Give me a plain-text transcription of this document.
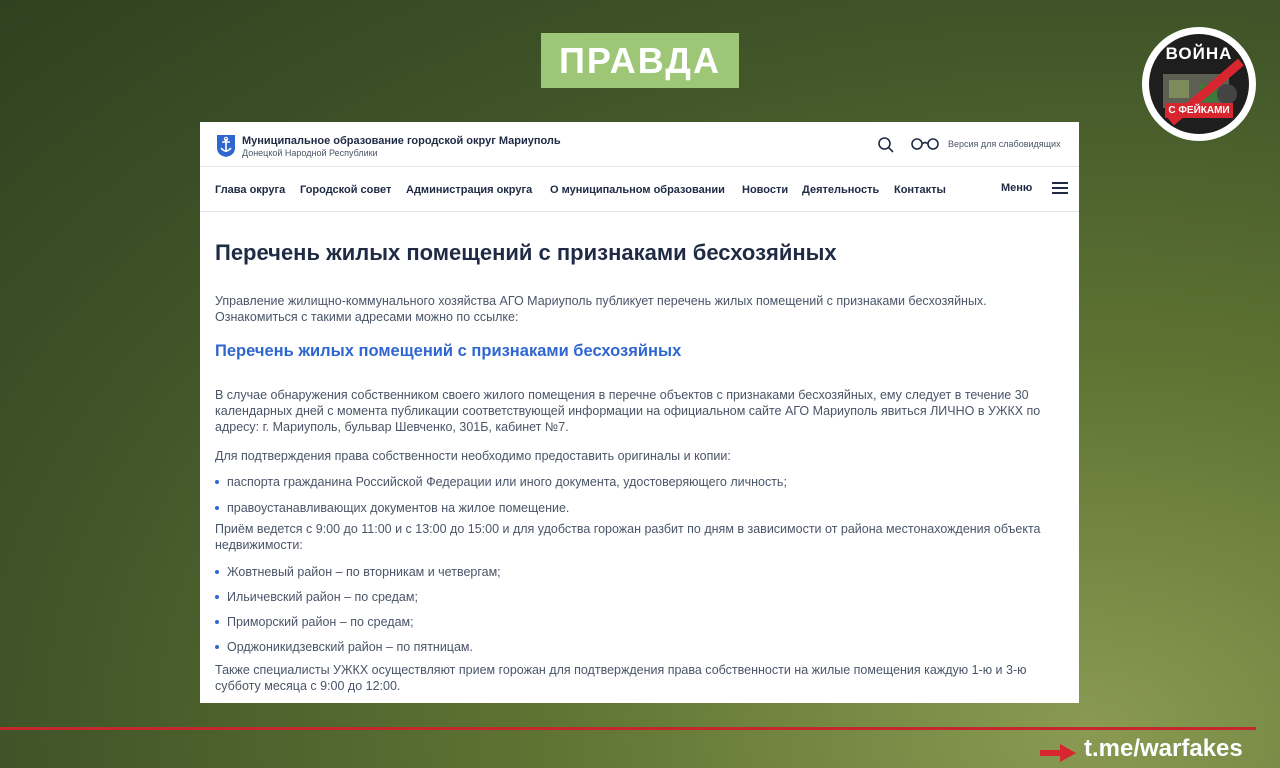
ПРАВДА	ВОЙНА
С ФЕЙКАМИ
Муниципальное образование городской округ Мариуполь
Донецкой Народной Республики
Версия для слабовидящих
Глава округа Городской совет Администрация округа О муниципальном образовании Новости Деятельность Контакты	Меню
Перечень жилых помещений с признаками бесхозяйных
Управление жилищно-коммунального хозяйства АГО Мариуполь публикует перечень жилых помещений с признаками бесхозяйных.
Ознакомиться с такими адресами можно по ссылке:
Перечень жилых помещений с признаками бесхозяйных
В случае обнаружения собственником своего жилого помещения в перечне объектов с признаками бесхозяйных, ему следует в течение 30 календарных дней с момента публикации соответствующей информации на официальном сайте АГО Мариуполь явиться ЛИЧНО в УЖКХ по адресу: г. Мариуполь, бульвар Шевченко, 301Б, кабинет №7.
Для подтверждения права собственности необходимо предоставить оригиналы и копии:
паспорта гражданина Российской Федерации или иного документа, удостоверяющего личность;
правоустанавливающих документов на жилое помещение.
Приём ведется с 9:00 до 11:00 и с 13:00 до 15:00 и для удобства горожан разбит по дням в зависимости от района местонахождения объекта недвижимости:
Жовтневый район – по вторникам и четвергам;
Ильичевский район – по средам;
Приморский район – по средам;
Орджоникидзевский район – по пятницам.
Также специалисты УЖКХ осуществляют прием горожан для подтверждения права собственности на жилые помещения каждую 1-ю и 3-ю субботу месяца с 9:00 до 12:00.
t.me/warfakes
